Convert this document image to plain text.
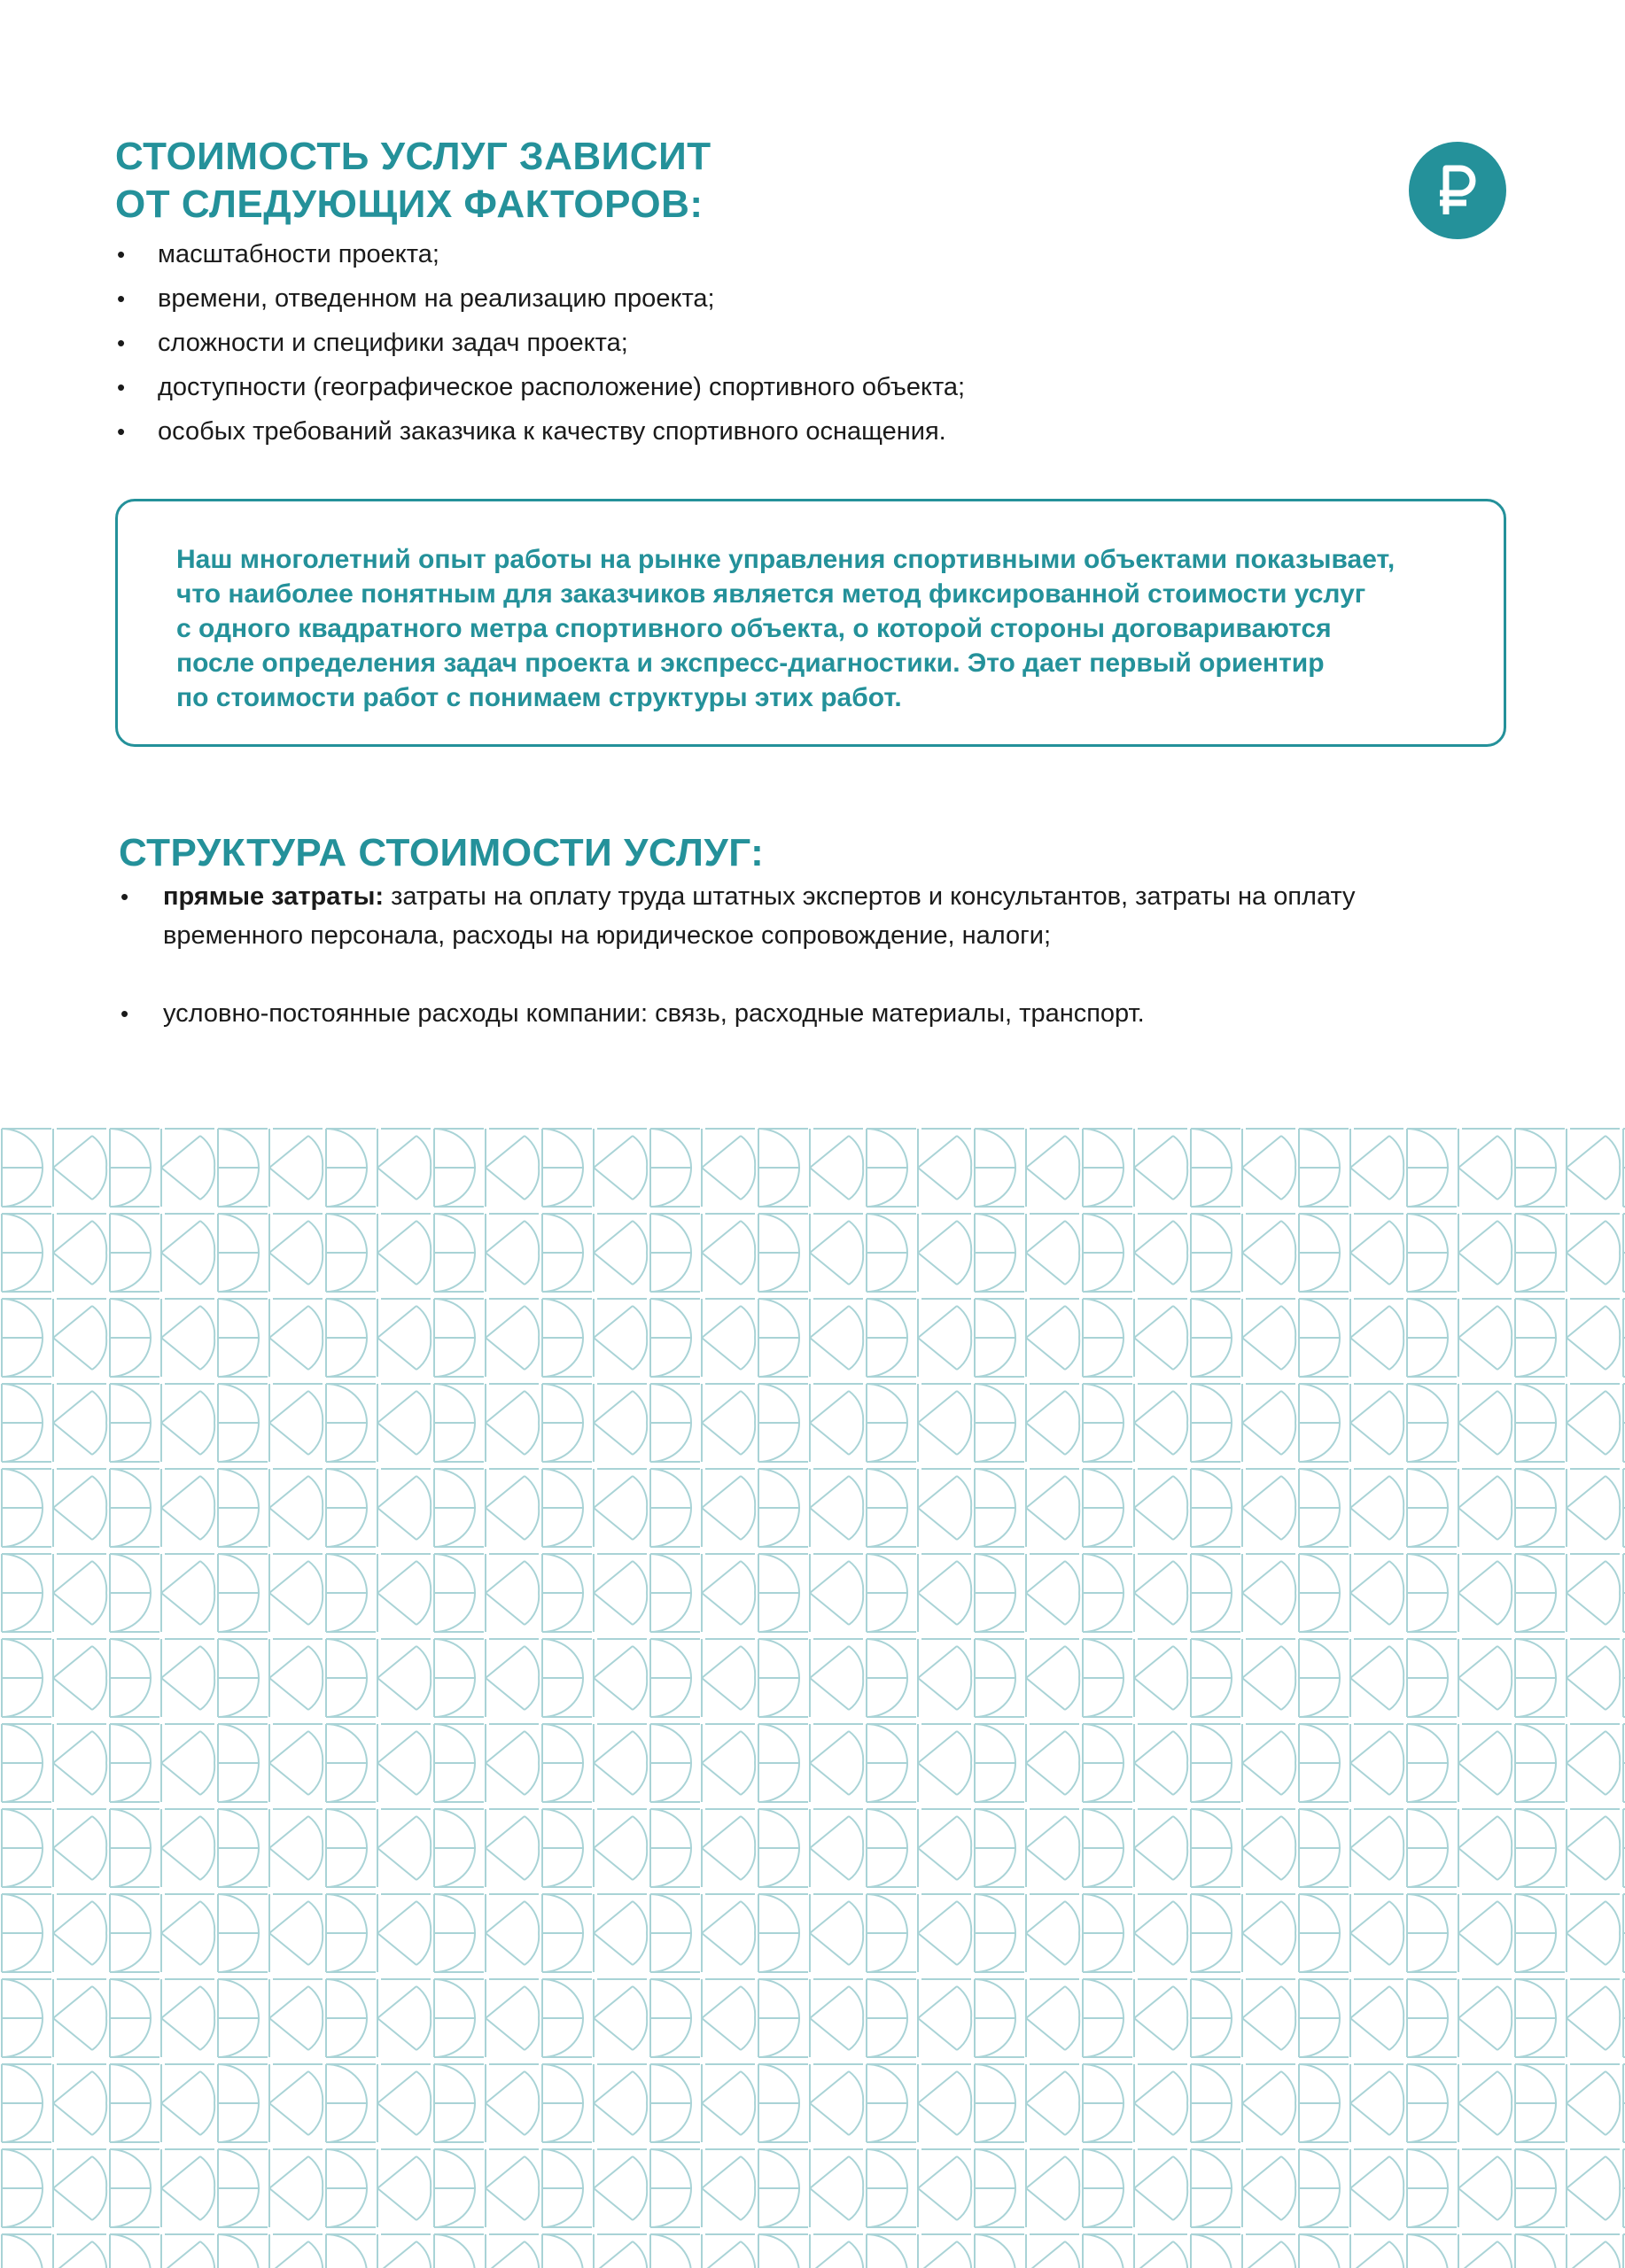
СТОИМОСТЬ УСЛУГ ЗАВИСИТ
ОТ СЛЕДУЮЩИХ ФАКТОРОВ:
• масштабности проекта;
• времени, отведенном на реализацию проекта;
• сложности и специфики задач проекта;
• доступности (географическое расположение) спортивного объекта;
• особых требований заказчика к качеству спортивного оснащения.

Наш многолетний опыт работы на рынке управления спортивными объектами показывает,
что наиболее понятным для заказчиков является метод фиксированной стоимости услуг
с одного квадратного метра спортивного объекта, о которой стороны договариваются
после определения задач проекта и экспресс-диагностики. Это дает первый ориентир
по стоимости работ с понимаем структуры этих работ.

СТРУКТУРА СТОИМОСТИ УСЛУГ:
• прямые затраты: затраты на оплату труда штатных экспертов и консультантов, затраты на оплату
временного персонала, расходы на юридическое сопровождение, налоги;
• условно-постоянные расходы компании: связь, расходные материалы, транспорт.
